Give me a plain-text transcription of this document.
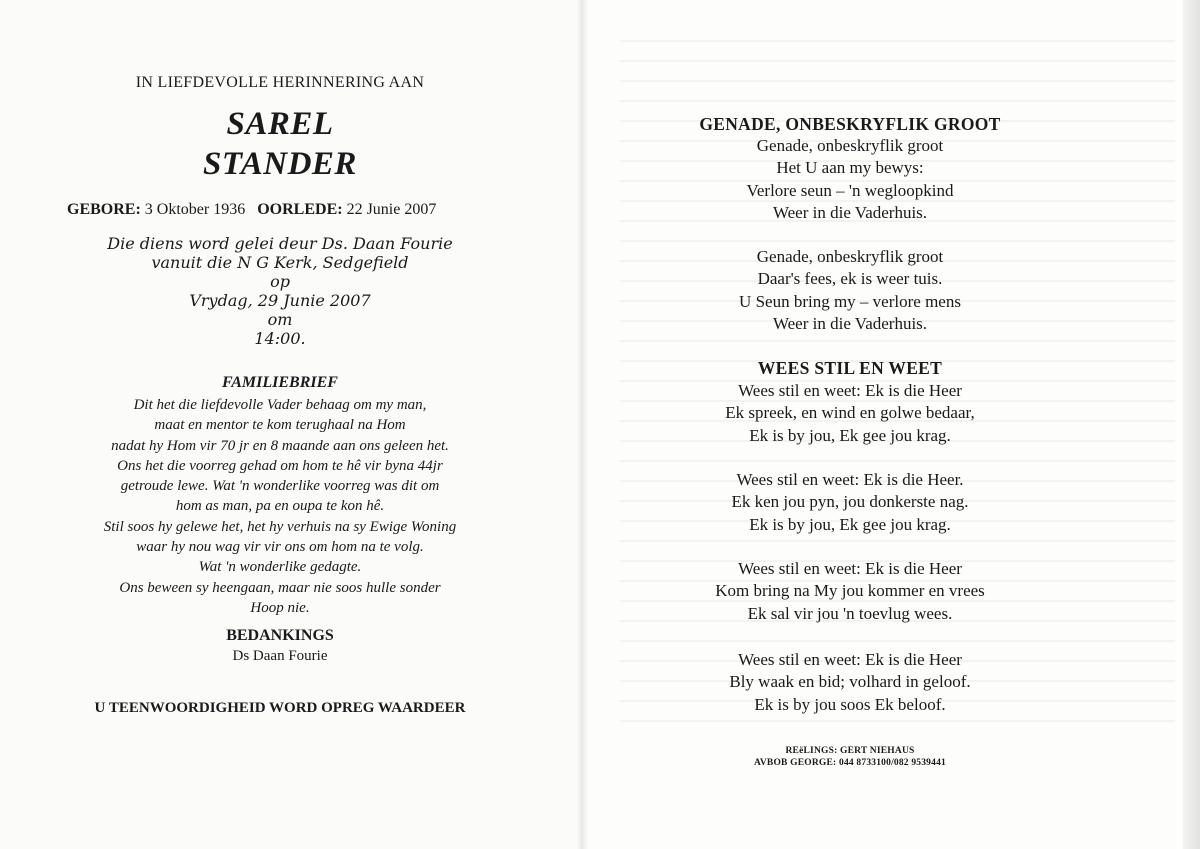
IN LIEFDEVOLLE HERINNERING AAN
SAREL
STANDER
GEBORE: 3 Oktober 1936 OORLEDE: 22 Junie 2007
Die diens word gelei deur Ds. Daan Fourie
vanuit die N G Kerk, Sedgefield
op
Vrydag, 29 Junie 2007
om
14:00.
FAMILIEBRIEF
Dit het die liefdevolle Vader behaag om my man,
maat en mentor te kom terughaal na Hom
nadat hy Hom vir 70 jr en 8 maande aan ons geleen het.
Ons het die voorreg gehad om hom te hê vir byna 44jr
getroude lewe. Wat 'n wonderlike voorreg was dit om
hom as man, pa en oupa te kon hê.
Stil soos hy gelewe het, het hy verhuis na sy Ewige Woning
waar hy nou wag vir vir ons om hom na te volg.
Wat 'n wonderlike gedagte.
Ons beween sy heengaan, maar nie soos hulle sonder
Hoop nie.
BEDANKINGS
Ds Daan Fourie
U TEENWOORDIGHEID WORD OPREG WAARDEER
GENADE, ONBESKRYFLIK GROOT
Genade, onbeskryflik groot
Het U aan my bewys:
Verlore seun – 'n wegloopkind
Weer in die Vaderhuis.
Genade, onbeskryflik groot
Daar's fees, ek is weer tuis.
U Seun bring my – verlore mens
Weer in die Vaderhuis.
WEES STIL EN WEET
Wees stil en weet: Ek is die Heer
Ek spreek, en wind en golwe bedaar,
Ek is by jou, Ek gee jou krag.
Wees stil en weet: Ek is die Heer.
Ek ken jou pyn, jou donkerste nag.
Ek is by jou, Ek gee jou krag.
Wees stil en weet: Ek is die Heer
Kom bring na My jou kommer en vrees
Ek sal vir jou 'n toevlug wees.
Wees stil en weet: Ek is die Heer
Bly waak en bid; volhard in geloof.
Ek is by jou soos Ek beloof.
REëLINGS: GERT NIEHAUS
AVBOB GEORGE: 044 8733100/082 9539441
